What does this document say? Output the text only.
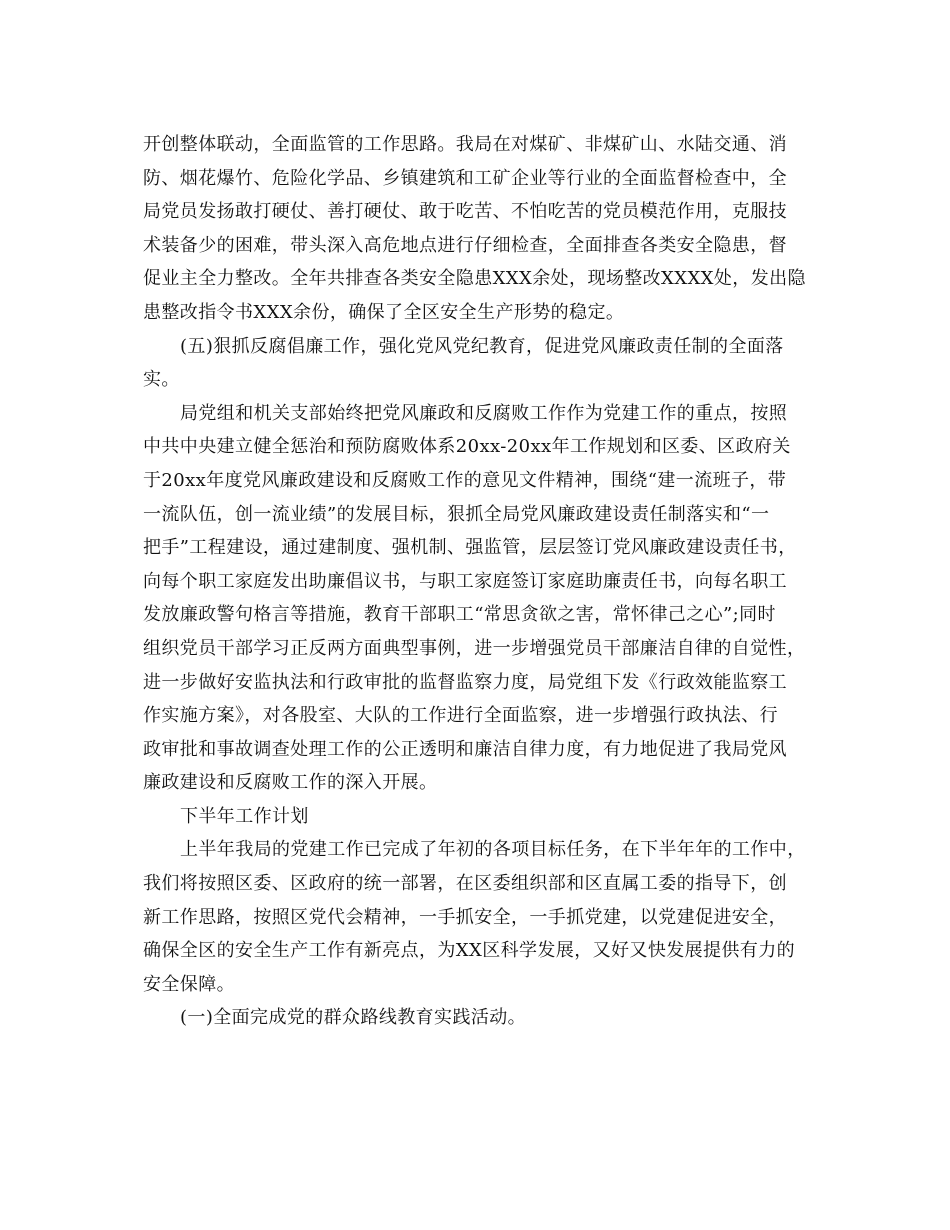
开创整体联动，全面监管的工作思路。我局在对煤矿、非煤矿山、水陆交通、消
防、烟花爆竹、危险化学品、乡镇建筑和工矿企业等行业的全面监督检查中，全
局党员发扬敢打硬仗、善打硬仗、敢于吃苦、不怕吃苦的党员模范作用，克服技
术装备少的困难，带头深入高危地点进行仔细检查，全面排查各类安全隐患，督
促业主全力整改。全年共排查各类安全隐患XXX余处，现场整改XXXX处，发出隐
患整改指令书XXX余份，确保了全区安全生产形势的稳定。
(五)狠抓反腐倡廉工作，强化党风党纪教育，促进党风廉政责任制的全面落
实。
局党组和机关支部始终把党风廉政和反腐败工作作为党建工作的重点，按照
中共中央建立健全惩治和预防腐败体系20xx-20xx年工作规划和区委、区政府关
于20xx年度党风廉政建设和反腐败工作的意见文件精神，围绕“建一流班子，带
一流队伍，创一流业绩”的发展目标，狠抓全局党风廉政建设责任制落实和“一
把手”工程建设，通过建制度、强机制、强监管，层层签订党风廉政建设责任书，
向每个职工家庭发出助廉倡议书，与职工家庭签订家庭助廉责任书，向每名职工
发放廉政警句格言等措施，教育干部职工“常思贪欲之害，常怀律己之心”;同时
组织党员干部学习正反两方面典型事例，进一步增强党员干部廉洁自律的自觉性，
进一步做好安监执法和行政审批的监督监察力度，局党组下发《行政效能监察工
作实施方案》，对各股室、大队的工作进行全面监察，进一步增强行政执法、行
政审批和事故调查处理工作的公正透明和廉洁自律力度，有力地促进了我局党风
廉政建设和反腐败工作的深入开展。
下半年工作计划
上半年我局的党建工作已完成了年初的各项目标任务，在下半年年的工作中，
我们将按照区委、区政府的统一部署，在区委组织部和区直属工委的指导下，创
新工作思路，按照区党代会精神，一手抓安全，一手抓党建，以党建促进安全，
确保全区的安全生产工作有新亮点，为XX区科学发展，又好又快发展提供有力的
安全保障。
(一)全面完成党的群众路线教育实践活动。
